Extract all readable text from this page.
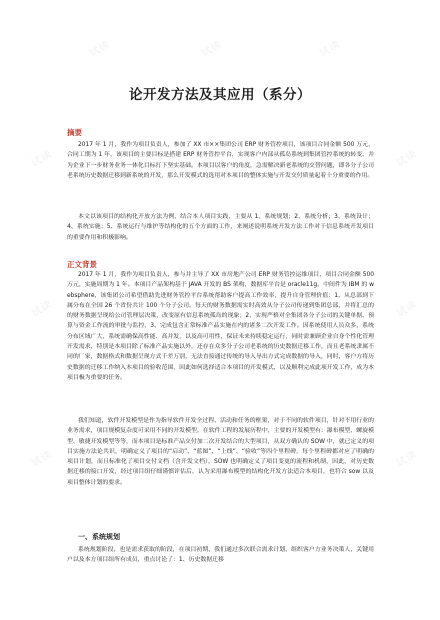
试读	试读	试读
试读	试读
试读	试读
试读	试读
论开发方法及其应用（系分）
摘要
2017 年 1 月，我作为项目负责人，参加了 XX 市××集团公司 ERP 财务管控项目，该项目合同金额 500 万元，合同工期为 1 年，该项目的主要目标是搭建 ERP 财务管控平台，实现客户内部从孤岛系统到集团管控系统的转变，并为企业下一步财务业务一体化目标打下坚实基础。本项目以客户的角度，急需解决新老系统的交替问题，即各分子公司老系统历史数据迁移到新系统的开发，那么开发模式的选用对本项目的整体实施与开发交付质量起着十分重要的作用。
本文以该项目的结构化开放方法为例，结合本人项目实践，主要从 1、系统规划；2、系统分析；3、系统设计；4、系统实施；5、系统运行与维护等结构化的五个方面的工作，来阐述说明系统开发方法工作对于信息系统开发项目的重要作用和积极影响。
正文背景
2017 年 1 月，我作为项目负责人，参与并主导了 XX 市房地产公司 ERP 财务管控运维项目，项目合同金额 500 万元，实施周期为 1 年。本项目产品架构基于 JAVA 开发的 BS 架构，数据库平台是 oracle11g，中间件为 IBM 的 websphere，该集团公司希望借助先进财务管控平台系统帮助客户提高工作效率，提升自身管理价值：1、从总部到下属分布在全国 26 个省份共计 100 个分子公司，每天的财务数据需实时高效从分子公司传递到集团总部，并将汇总的的财务数据呈现给公司管理层决策，改变原有信息系统孤岛的现象；2、实现严格对全集团各分子公司的关键单据、预算与资金工作流的审批与监控，3、完成包含正常标准产品实施在内的诸多二次开发工作。因系统使用人员众多，系统分布区域广大，系统需确保高性能、高并发，以及高可用性，保证未来持续稳定运行，同时需兼顾企业自身个性化管理开发需求，特别是本项目除了标准产品实施以外，还存在众多分子公司老系统的历史数据迁移工作，而且老系统隶属不同的厂家，数据格式和数据呈现方式千差万别，无法直接通过传统的导入导出方式完成数据的导入，同时，客户方将历史数据的迁移工作纳入本项目的验收范围，因此如何选择适合本项目的开发模式，以及顺利完成此项开发工作，成为本项目极为重要的任务。
我们知道，软件开发模型是作为指导软件开发全过程、活动和任务的框架，对于不同的软件项目，针对不用行业的业务需求，项目规模复杂度可采用不同的开发模型。在软件工程的发展历程中，主要的开发模型有：瀑布模型、螺旋模型、敏捷开发模型等等，而本项目是标准产品交付加二次开发结合的大型项目，从双方确认的 SOW 中，就已定义的项目实施方法论共识，明确定义了项目的“启动”、“蓝图”、“上线”、“验收”等四个里程碑，每个里程碑都对应了明确的项目计划，而且标准化了项目交付文档（含开发文档），SOW 也明确定义了项目变更的流程和机制，因此，对历史数据迁移的接口开发，经过项目组仔细谨慎评估后，认为采用瀑布模型的结构化开发方法适合本项目，也符合 sow 以及项目整体计划的要求。
一、系统规划
系统规划阶段，也是需求获取的阶段，在项目初期，我们通过多次联合需求计划，组织客户方业务决策人，关键用户以及本方项目组所有成员，重点讨论了：1、历史数据迁移
